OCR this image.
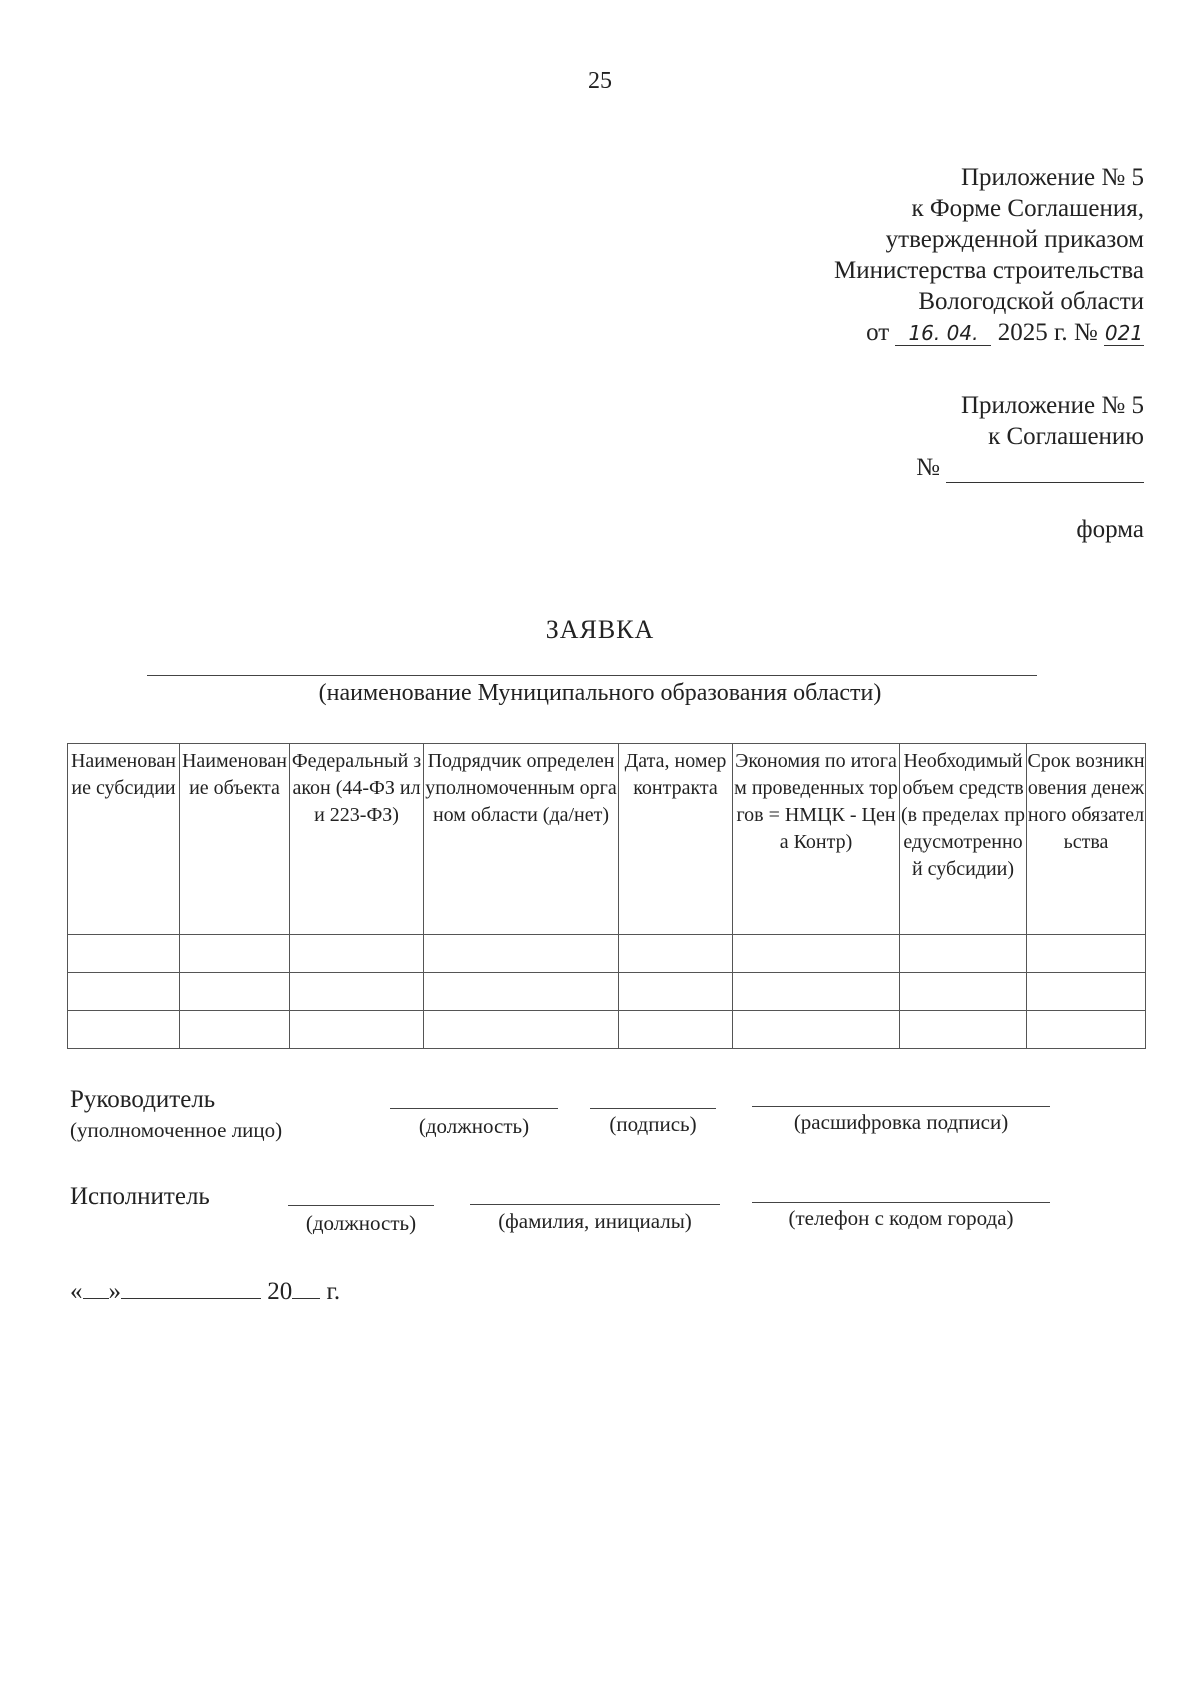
25
Приложение № 5
к Форме Соглашения,
утвержденной приказом
Министерства строительства
Вологодской области
от 16. 04. 2025 г. № 021
Приложение № 5
к Соглашению
№
форма
ЗАЯВКА
(наименование Муниципального образования области)
Наименование субсидии	Наименование объекта	Федеральный закон (44-ФЗ или 223-ФЗ)	Подрядчик определен уполномоченным органом области (да/нет)	Дата, номер контракта	Экономия по итогам проведенных торгов = НМЦК - Цена Контр)	Необходимый объем средств (в пределах предусмотренной субсидии)	Срок возникновения денежного обязательства

Руководитель
(уполномоченное лицо)	(должность)	(подпись)	(расшифровка подписи)
Исполнитель
(должность)	(фамилия, инициалы)	(телефон с кодом города)
« »	20 г.
